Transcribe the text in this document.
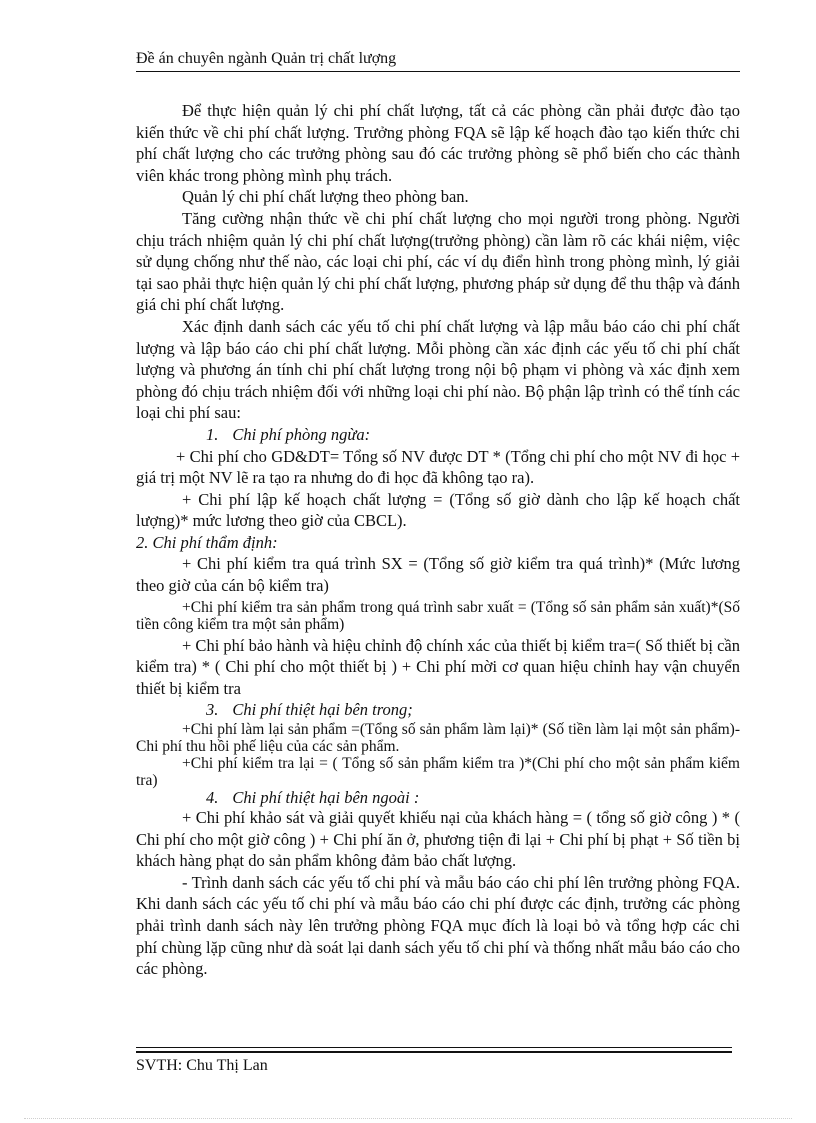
Đề án chuyên ngành Quản trị chất lượng

Để thực hiện quản lý chi phí chất lượng, tất cả các phòng cần phải được đào tạo kiến thức về chi phí chất lượng. Trưởng phòng FQA sẽ lập kế hoạch đào tạo kiến thức chi phí chất lượng cho các trưởng phòng sau đó các trưởng phòng sẽ phổ biến cho các thành viên khác trong phòng mình phụ trách.

Quản lý chi phí chất lượng theo phòng ban.

Tăng cường nhận thức về chi phí chất lượng cho mọi người trong phòng. Người chịu trách nhiệm quản lý chi phí chất lượng(trưởng phòng) cần làm rõ các khái niệm, việc sử dụng chống như thế nào, các loại chi phí, các ví dụ điển hình trong phòng mình, lý giải tại sao phải thực hiện quản lý chi phí chất lượng, phương pháp sử dụng để thu thập và đánh giá chi phí chất lượng.

Xác định danh sách các yếu tố chi phí chất lượng và lập mẫu báo cáo chi phí chất lượng và lập báo cáo chi phí chất lượng. Mỗi phòng cần xác định các yếu tố chi phí chất lượng và phương án tính chi phí chất lượng trong nội bộ phạm vi phòng và xác định xem phòng đó chịu trách nhiệm đối với những loại chi phí nào. Bộ phận lập trình có thể tính các loại chi phí sau:

1. Chi phí phòng ngừa:

+ Chi phí cho GD&DT= Tổng số NV được DT * (Tổng chi phí cho một NV đi học + giá trị một NV lẽ ra tạo ra nhưng do đi học đã không tạo ra).

+ Chi phí lập kế hoạch chất lượng = (Tổng số giờ dành cho lập kế hoạch chất lượng)* mức lương theo giờ của CBCL).

2. Chi phí thẩm định:

+ Chi phí kiểm tra quá trình SX = (Tổng số giờ kiểm tra quá trình)* (Mức lương theo giờ của cán bộ kiểm tra)

+Chi phí kiểm tra sản phẩm trong quá trình sabr xuất = (Tổng số sản phẩm sản xuất)*(Số tiền công kiểm tra một sản phẩm)

+ Chi phí bảo hành và hiệu chỉnh độ chính xác của thiết bị kiểm tra=( Số thiết bị cần kiểm tra) * ( Chi phí cho một thiết bị ) + Chi phí mời cơ quan hiệu chỉnh hay vận chuyển thiết bị kiểm tra

3. Chi phí thiệt hại bên trong;

+Chi phí làm lại sản phẩm =(Tổng số sản phẩm làm lại)* (Số tiền làm lại một sản phẩm)-Chi phí thu hồi phế liệu của các sản phẩm.

+Chi phí kiểm tra lại = ( Tổng số sản phẩm kiểm tra )*(Chi phí cho một sản phẩm kiểm tra)

4. Chi phí thiệt hại bên ngoài :

+ Chi phí khảo sát và giải quyết khiếu nại của khách hàng = ( tổng số giờ công ) * ( Chi phí cho một giờ công ) + Chi phí ăn ở, phương tiện đi lại + Chi phí bị phạt + Số tiền bị khách hàng phạt do sản phẩm không đảm bảo chất lượng.

- Trình danh sách các yếu tố chi phí và mẫu báo cáo chi phí lên trưởng phòng FQA. Khi danh sách các yếu tố chi phí và mẫu báo cáo chi phí được các định, trưởng các phòng phải trình danh sách này lên trưởng phòng FQA mục đích là loại bỏ và tổng hợp các chi phí chùng lặp cũng như dà soát lại danh sách yếu tố chi phí và thống nhất mẫu báo cáo cho các phòng.

SVTH: Chu Thị Lan
